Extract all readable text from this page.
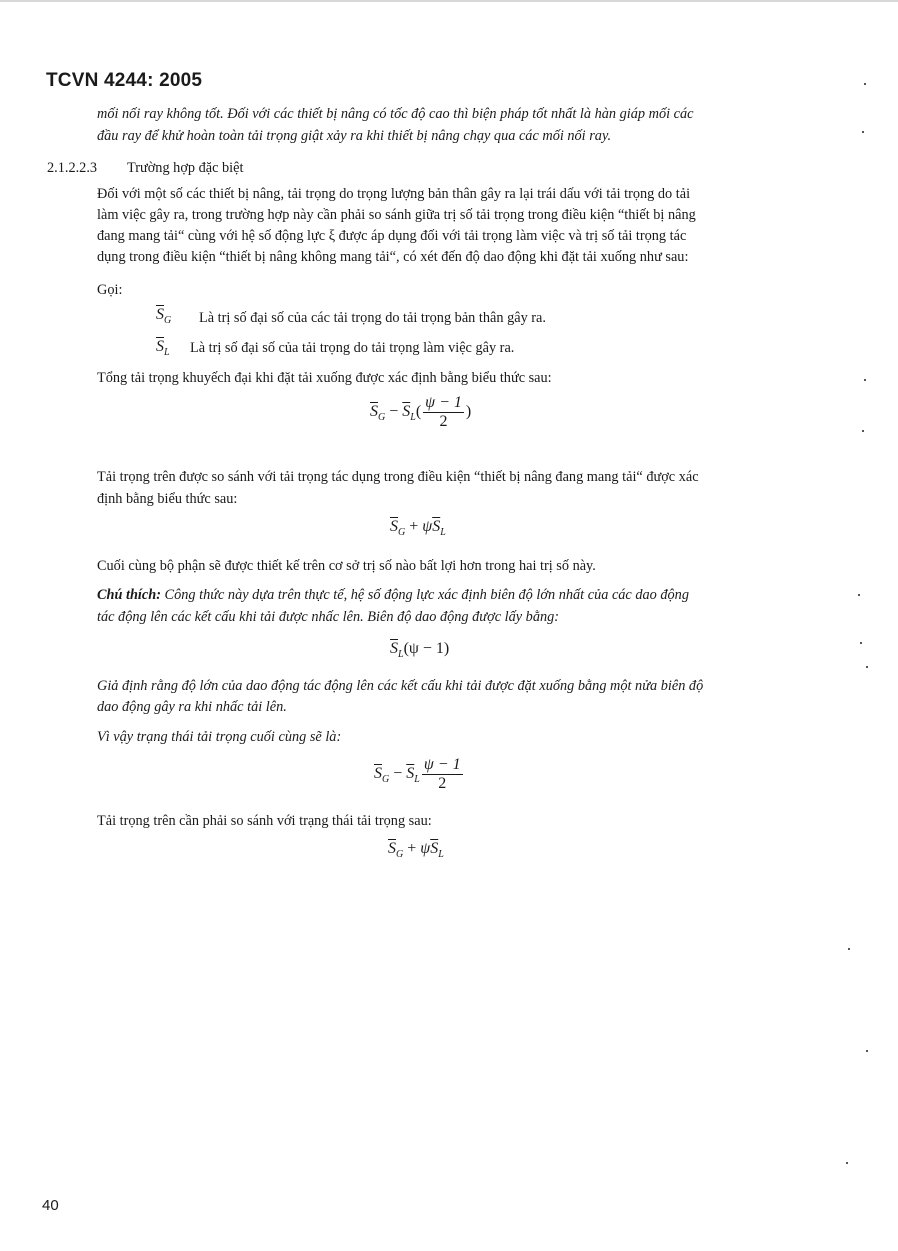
TCVN 4244: 2005
mối nối ray không tốt. Đối với các thiết bị nâng có tốc độ cao thì biện pháp tốt nhất là hàn giáp mối các
đầu ray để khử hoàn toàn tải trọng giật xảy ra khi thiết bị nâng chạy qua các mối nối ray.
2.1.2.2.3 Trường hợp đặc biệt
Đối với một số các thiết bị nâng, tải trọng do trọng lượng bản thân gây ra lại trái dấu với tải trọng do tải
làm việc gây ra, trong trường hợp này cần phải so sánh giữa trị số tải trọng trong điều kiện “thiết bị nâng
đang mang tải“ cùng với hệ số động lực ξ được áp dụng đối với tải trọng làm việc và trị số tải trọng tác
dụng trong điều kiện “thiết bị nâng không mang tải“, có xét đến độ dao động khi đặt tải xuống như sau:
Gọi:
$\overline{S}_G$ Là trị số đại số của các tải trọng do tải trọng bản thân gây ra.
$\overline{S}_L$ Là trị số đại số của tải trọng do tải trọng làm việc gây ra.
Tổng tải trọng khuyếch đại khi đặt tải xuống được xác định bằng biểu thức sau:
$\overline{S}_G - \overline{S}_L( \frac{\psi - 1}{2}$ )
Tải trọng trên được so sánh với tải trọng tác dụng trong điều kiện “thiết bị nâng đang mang tải“ được xác
định bằng biểu thức sau:
$\overline{S}_G + \psi\overline{S}_L$
Cuối cùng bộ phận sẽ được thiết kế trên cơ sở trị số nào bất lợi hơn trong hai trị số này.
Chú thích: Công thức này dựa trên thực tế, hệ số động lực xác định biên độ lớn nhất của các dao động
tác động lên các kết cấu khi tải được nhấc lên. Biên độ dao động được lấy bằng:
$\overline{S}_L(\psi - 1)$
Giả định rằng độ lớn của dao động tác động lên các kết cấu khi tải được đặt xuống bằng một nửa biên độ
dao động gây ra khi nhấc tải lên.
Vì vậy trạng thái tải trọng cuối cùng sẽ là:
$\overline{S}_G - \overline{S}_L \frac{\psi - 1}{2}$
Tải trọng trên cần phải so sánh với trạng thái tải trọng sau:
$\overline{S}_G + \psi\overline{S}_L$
40
